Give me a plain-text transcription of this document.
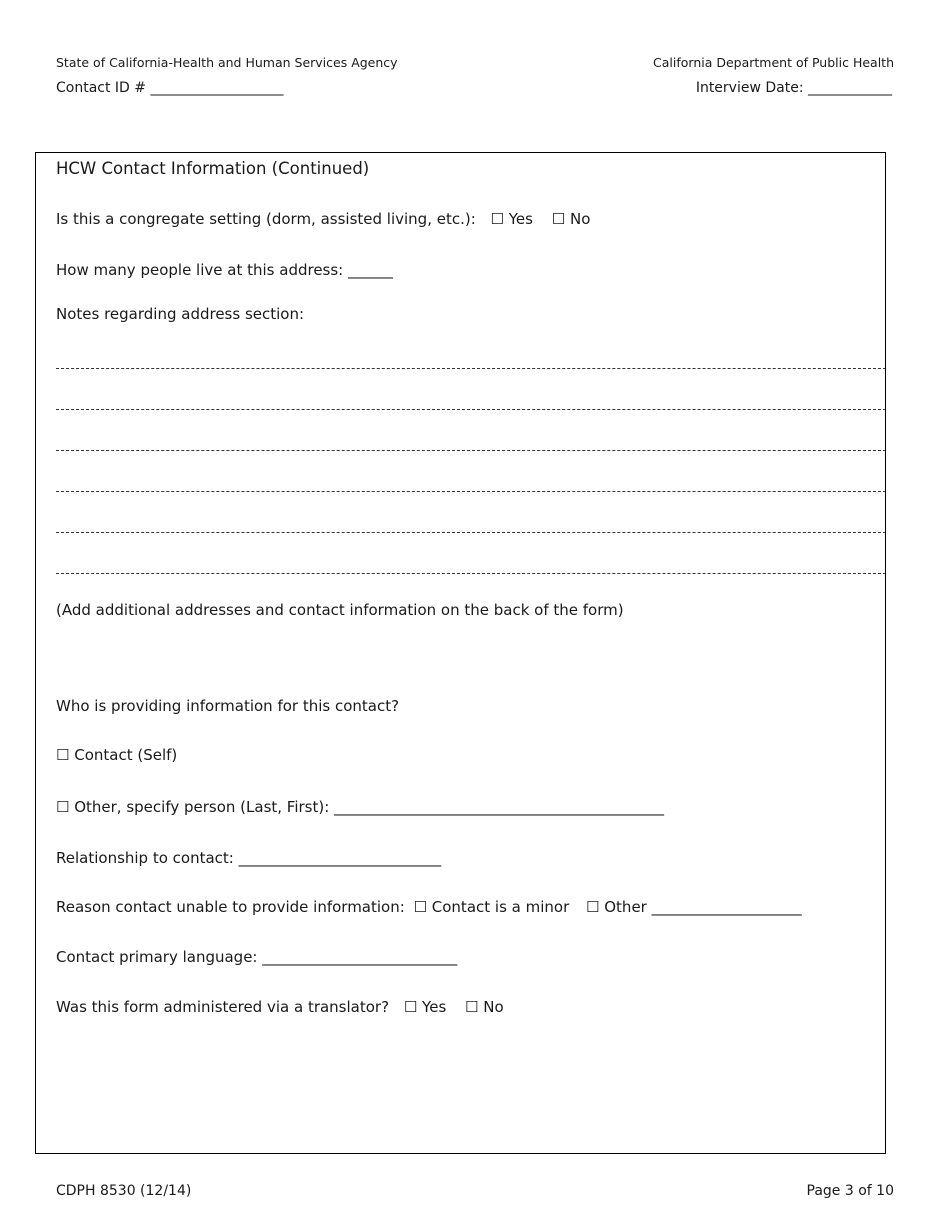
State of California-Health and Human Services Agency
Contact ID # ___________________
California Department of Public Health
Interview Date: ____________
HCW Contact Information (Continued)
Is this a congregate setting (dorm, assisted living, etc.): ☐ Yes ☐ No
How many people live at this address: ______
Notes regarding address section:
(Add additional addresses and contact information on the back of the form)
Who is providing information for this contact?
☐ Contact (Self)
☐ Other, specify person (Last, First): ____________________________________________
Relationship to contact: ___________________________
Reason contact unable to provide information: ☐ Contact is a minor ☐ Other ____________________
Contact primary language: __________________________
Was this form administered via a translator? ☐ Yes ☐ No
CDPH 8530 (12/14)	Page 3 of 10
